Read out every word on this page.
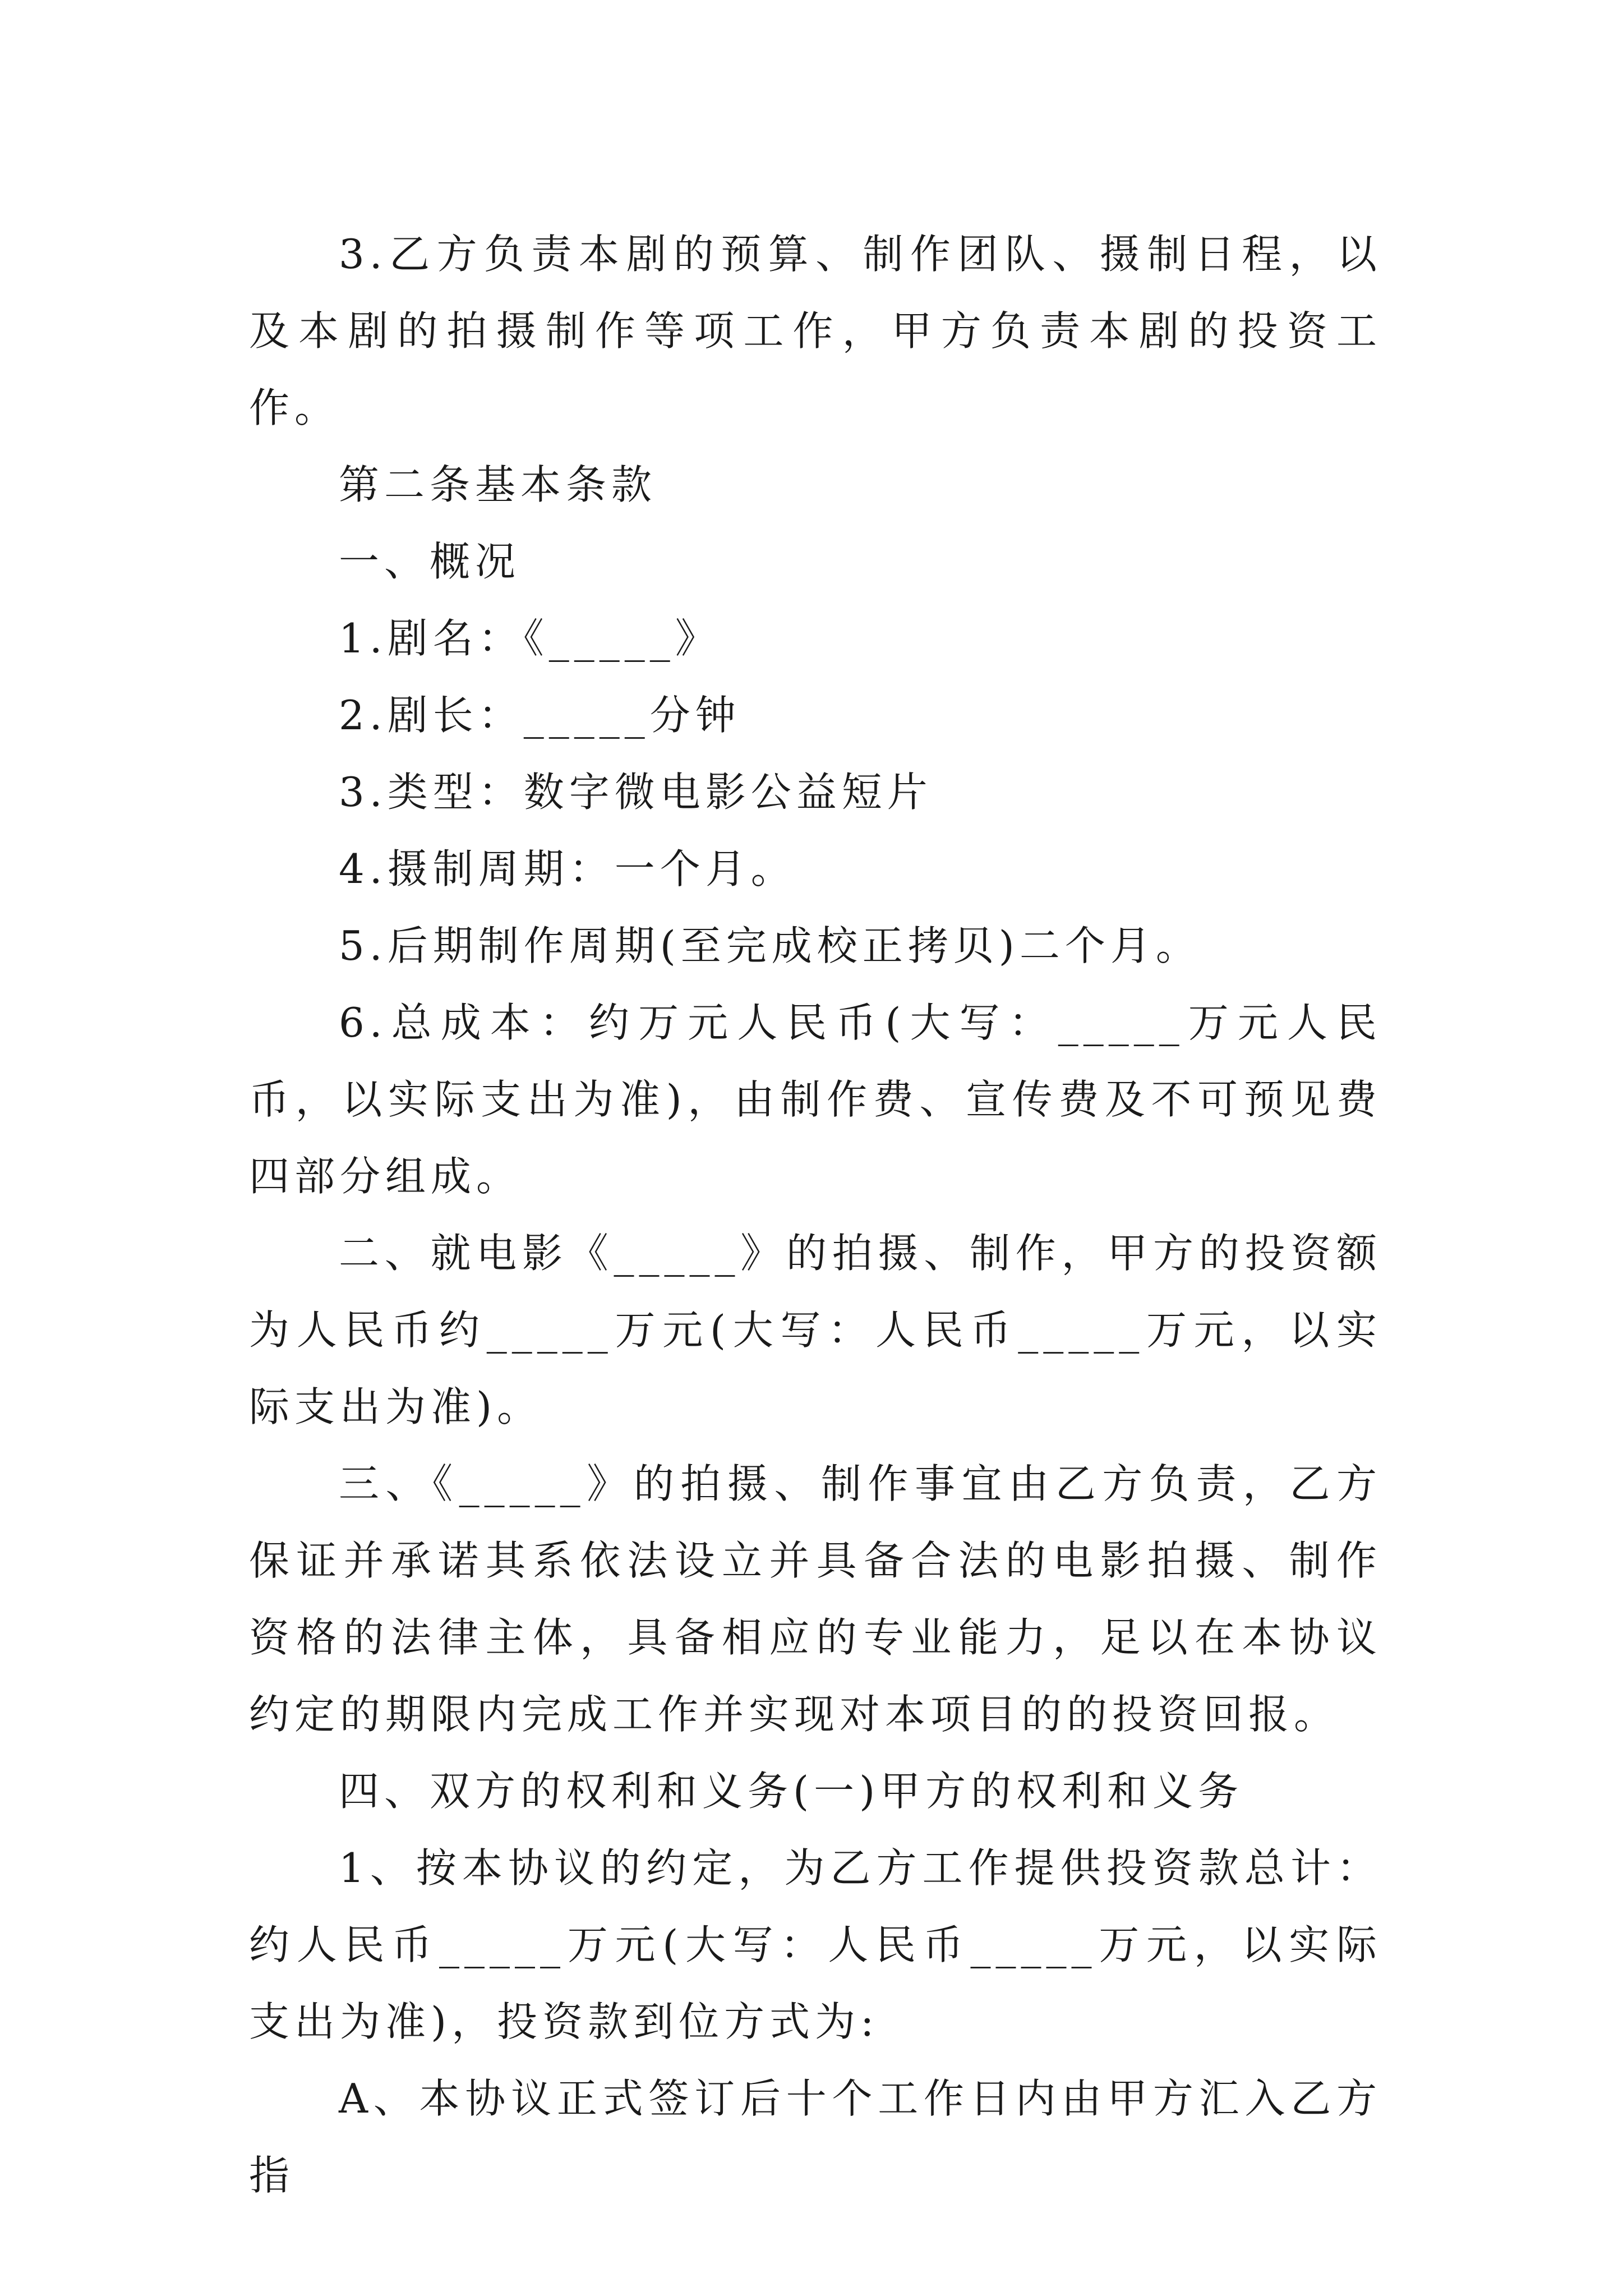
3.乙方负责本剧的预算、制作团队、摄制日程，以及本剧的拍摄制作等项工作，甲方负责本剧的投资工作。

第二条基本条款

一、概况

1.剧名：《_____》

2.剧长：_____分钟

3.类型：数字微电影公益短片

4.摄制周期：一个月。

5.后期制作周期(至完成校正拷贝)二个月。

6.总成本：约万元人民币(大写：_____万元人民币，以实际支出为准)，由制作费、宣传费及不可预见费四部分组成。

二、就电影《_____》的拍摄、制作，甲方的投资额为人民币约_____万元(大写：人民币_____万元，以实际支出为准)。

三、《_____》的拍摄、制作事宜由乙方负责，乙方保证并承诺其系依法设立并具备合法的电影拍摄、制作资格的法律主体，具备相应的专业能力，足以在本协议约定的期限内完成工作并实现对本项目的的投资回报。

四、双方的权利和义务(一)甲方的权利和义务

1、按本协议的约定，为乙方工作提供投资款总计：约人民币_____万元(大写：人民币_____万元，以实际支出为准)，投资款到位方式为:

A、本协议正式签订后十个工作日内由甲方汇入乙方指
